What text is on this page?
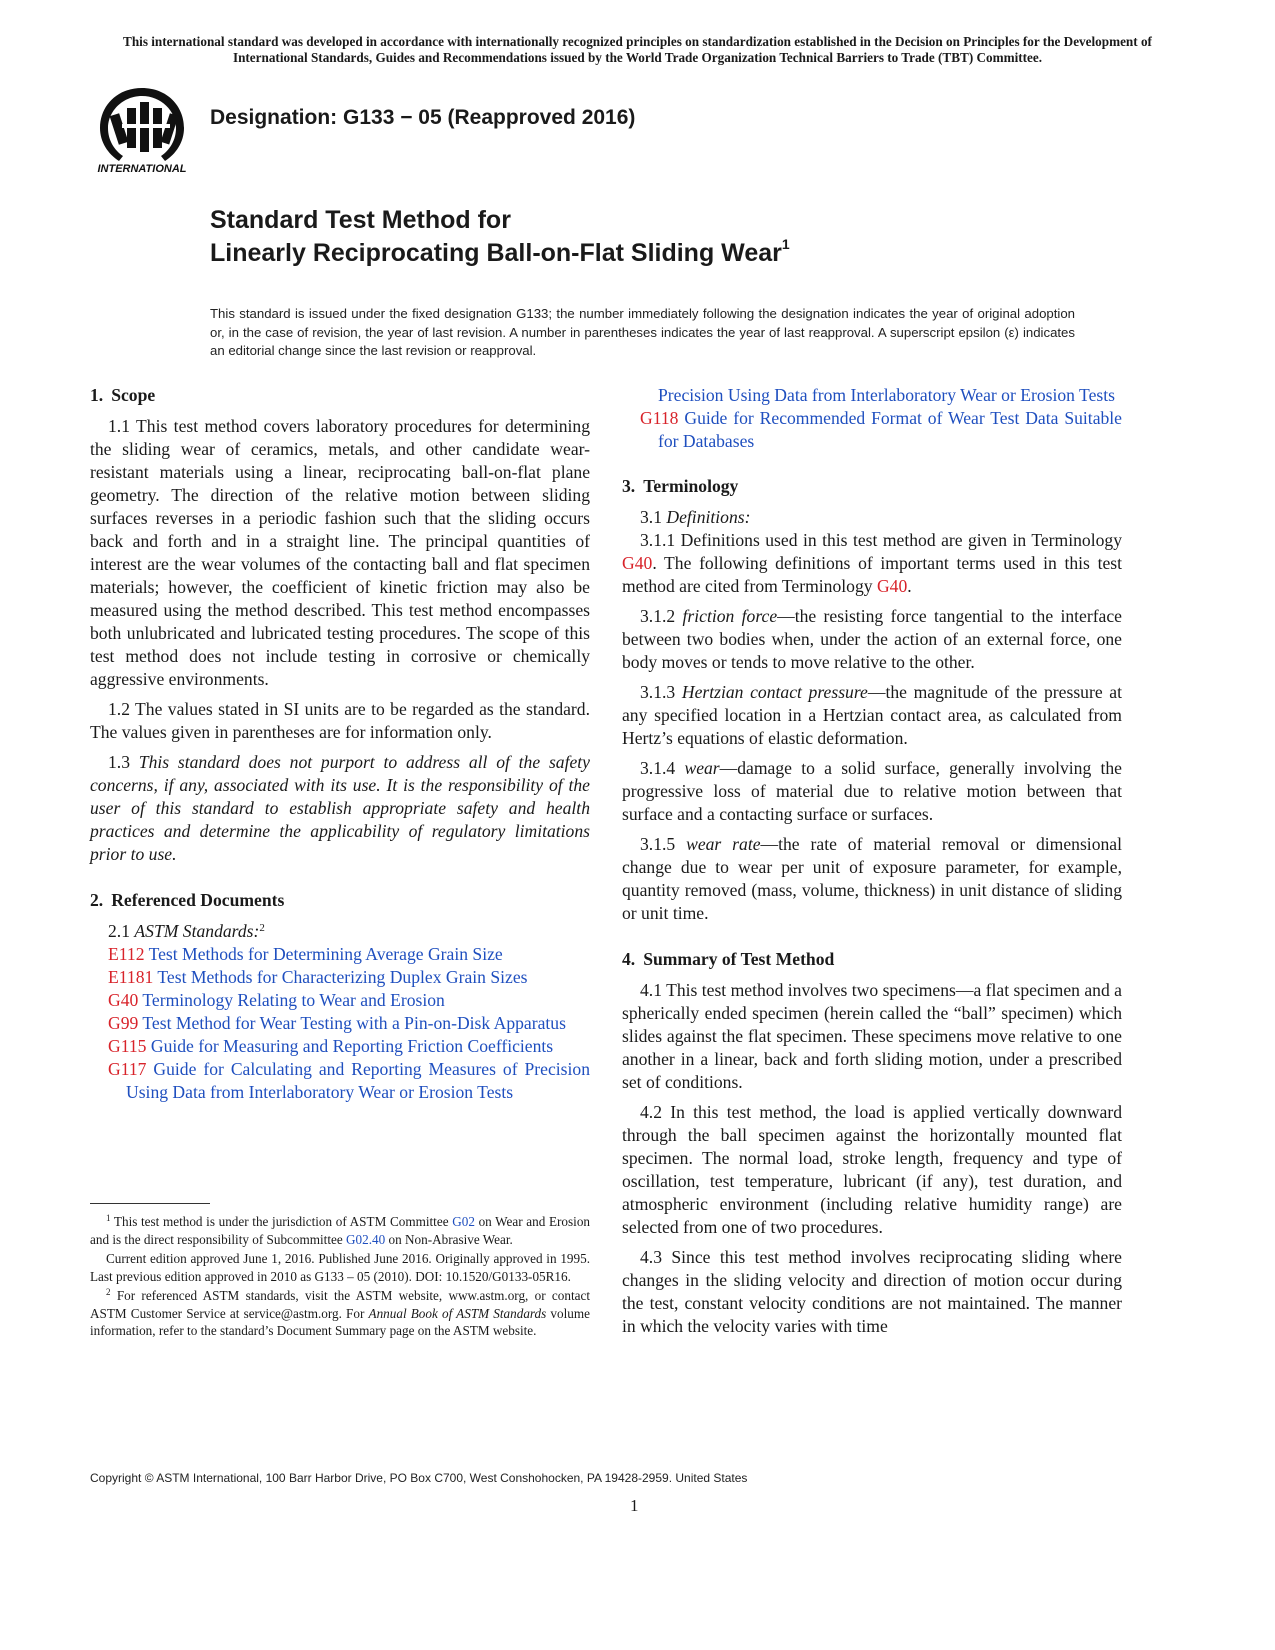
This international standard was developed in accordance with internationally recognized principles on standardization established in the Decision on Principles for the Development of International Standards, Guides and Recommendations issued by the World Trade Organization Technical Barriers to Trade (TBT) Committee.
INTERNATIONAL
Designation: G133 − 05 (Reapproved 2016)
Standard Test Method for
Linearly Reciprocating Ball-on-Flat Sliding Wear$^1$
This standard is issued under the fixed designation G133; the number immediately following the designation indicates the year of original adoption or, in the case of revision, the year of last revision. A number in parentheses indicates the year of last reapproval. A superscript epsilon (ε) indicates an editorial change since the last revision or reapproval.
1. Scope

1.1 This test method covers laboratory procedures for determining the sliding wear of ceramics, metals, and other candidate wear-resistant materials using a linear, reciprocating ball-on-flat plane geometry. The direction of the relative motion between sliding surfaces reverses in a periodic fashion such that the sliding occurs back and forth and in a straight line. The principal quantities of interest are the wear volumes of the contacting ball and flat specimen materials; however, the coefficient of kinetic friction may also be measured using the method described. This test method encompasses both unlubricated and lubricated testing procedures. The scope of this test method does not include testing in corrosive or chemically aggressive environments.

1.2 The values stated in SI units are to be regarded as the standard. The values given in parentheses are for information only.

1.3 This standard does not purport to address all of the safety concerns, if any, associated with its use. It is the responsibility of the user of this standard to establish appropriate safety and health practices and determine the applicability of regulatory limitations prior to use.

2. Referenced Documents

2.1 ASTM Standards:$^2$

E112 Test Methods for Determining Average Grain Size
E1181 Test Methods for Characterizing Duplex Grain Sizes
G40 Terminology Relating to Wear and Erosion
G99 Test Method for Wear Testing with a Pin-on-Disk Apparatus
G115 Guide for Measuring and Reporting Friction Coefficients
G117 Guide for Calculating and Reporting Measures of Precision Using Data from Interlaboratory Wear or Erosion Tests

$^1$ This test method is under the jurisdiction of ASTM Committee G02 on Wear and Erosion and is the direct responsibility of Subcommittee G02.40 on Non-Abrasive Wear.

Current edition approved June 1, 2016. Published June 2016. Originally approved in 1995. Last previous edition approved in 2010 as G133 – 05 (2010). DOI: 10.1520/G0133-05R16.

$^2$ For referenced ASTM standards, visit the ASTM website, www.astm.org, or contact ASTM Customer Service at service@astm.org. For Annual Book of ASTM Standards volume information, refer to the standard’s Document Summary page on the ASTM website.

Precision Using Data from Interlaboratory Wear or Erosion Tests
G118 Guide for Recommended Format of Wear Test Data Suitable for Databases
3. Terminology

3.1 Definitions:

3.1.1 Definitions used in this test method are given in Terminology G40. The following definitions of important terms used in this test method are cited from Terminology G40.

3.1.2 friction force—the resisting force tangential to the interface between two bodies when, under the action of an external force, one body moves or tends to move relative to the other.

3.1.3 Hertzian contact pressure—the magnitude of the pressure at any specified location in a Hertzian contact area, as calculated from Hertz’s equations of elastic deformation.

3.1.4 wear—damage to a solid surface, generally involving the progressive loss of material due to relative motion between that surface and a contacting surface or surfaces.

3.1.5 wear rate—the rate of material removal or dimensional change due to wear per unit of exposure parameter, for example, quantity removed (mass, volume, thickness) in unit distance of sliding or unit time.

4. Summary of Test Method

4.1 This test method involves two specimens—a flat specimen and a spherically ended specimen (herein called the “ball” specimen) which slides against the flat specimen. These specimens move relative to one another in a linear, back and forth sliding motion, under a prescribed set of conditions.

4.2 In this test method, the load is applied vertically downward through the ball specimen against the horizontally mounted flat specimen. The normal load, stroke length, frequency and type of oscillation, test temperature, lubricant (if any), test duration, and atmospheric environment (including relative humidity range) are selected from one of two procedures.

4.3 Since this test method involves reciprocating sliding where changes in the sliding velocity and direction of motion occur during the test, constant velocity conditions are not maintained. The manner in which the velocity varies with time

Copyright © ASTM International, 100 Barr Harbor Drive, PO Box C700, West Conshohocken, PA 19428-2959. United States
1
